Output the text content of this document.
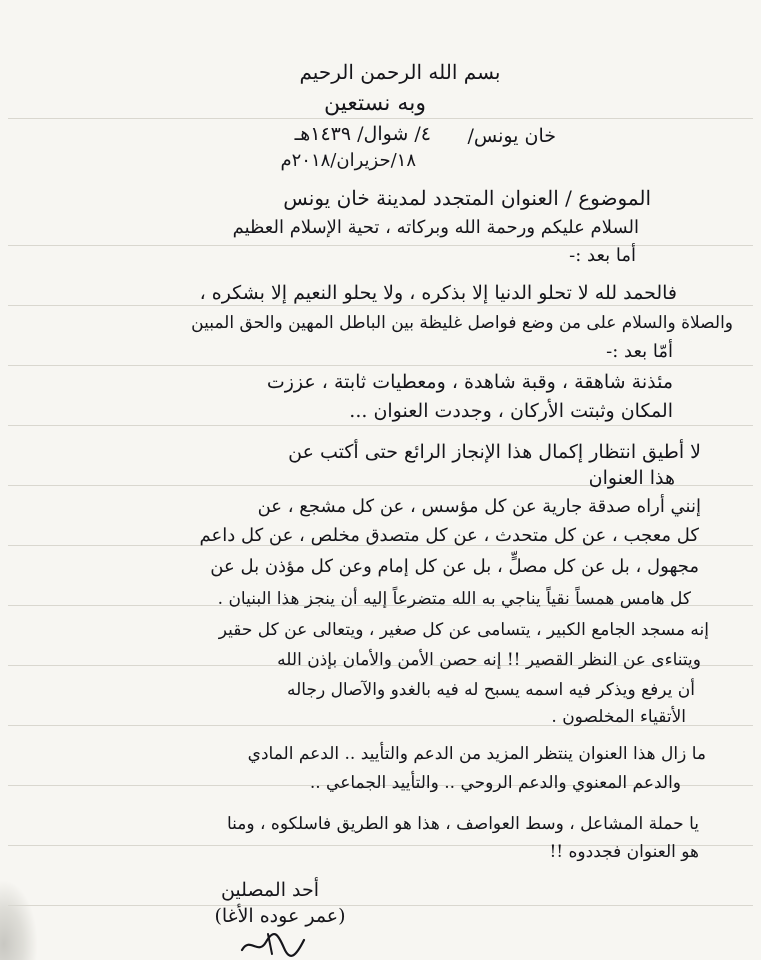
بسم الله الرحمن الرحيم
وبه نستعين
خان يونس/
٤/ شوال/ ١٤٣٩هـ
١٨/حزيران/٢٠١٨م
الموضوع / العنوان المتجدد لمدينة خان يونس
السلام عليكم ورحمة الله وبركاته ، تحية الإسلام العظيم
أما بعد :-
فالحمد لله لا تحلو الدنيا إلا بذكره ، ولا يحلو النعيم إلا بشكره ،
والصلاة والسلام على من وضع فواصل غليظة بين الباطل المهين والحق المبين
أمّا بعد :-
مئذنة شاهقة ، وقبة شاهدة ، ومعطيات ثابتة ، عززت
المكان وثبتت الأركان ، وجددت العنوان ...
لا أطيق انتظار إكمال هذا الإنجاز الرائع حتى أكتب عن
هذا العنوان
إنني أراه صدقة جارية عن كل مؤسس ، عن كل مشجع ، عن
كل معجب ، عن كل متحدث ، عن كل متصدق مخلص ، عن كل داعم
مجهول ، بل عن كل مصلٍّ ، بل عن كل إمام وعن كل مؤذن بل عن
كل هامس همساً نقياً يناجي به الله متضرعاً إليه أن ينجز هذا البنيان .
إنه مسجد الجامع الكبير ، يتسامى عن كل صغير ، ويتعالى عن كل حقير
ويتناءى عن النظر القصير !! إنه حصن الأمن والأمان بإذن الله
أن يرفع ويذكر فيه اسمه يسبح له فيه بالغدو والآصال رجاله
الأتقياء المخلصون .
ما زال هذا العنوان ينتظر المزيد من الدعم والتأييد .. الدعم المادي
والدعم المعنوي والدعم الروحي .. والتأييد الجماعي ..
يا حملة المشاعل ، وسط العواصف ، هذا هو الطريق فاسلكوه ، ومنا
هو العنوان فجددوه !!
أحد المصلين
(عمر عوده الأغا)
